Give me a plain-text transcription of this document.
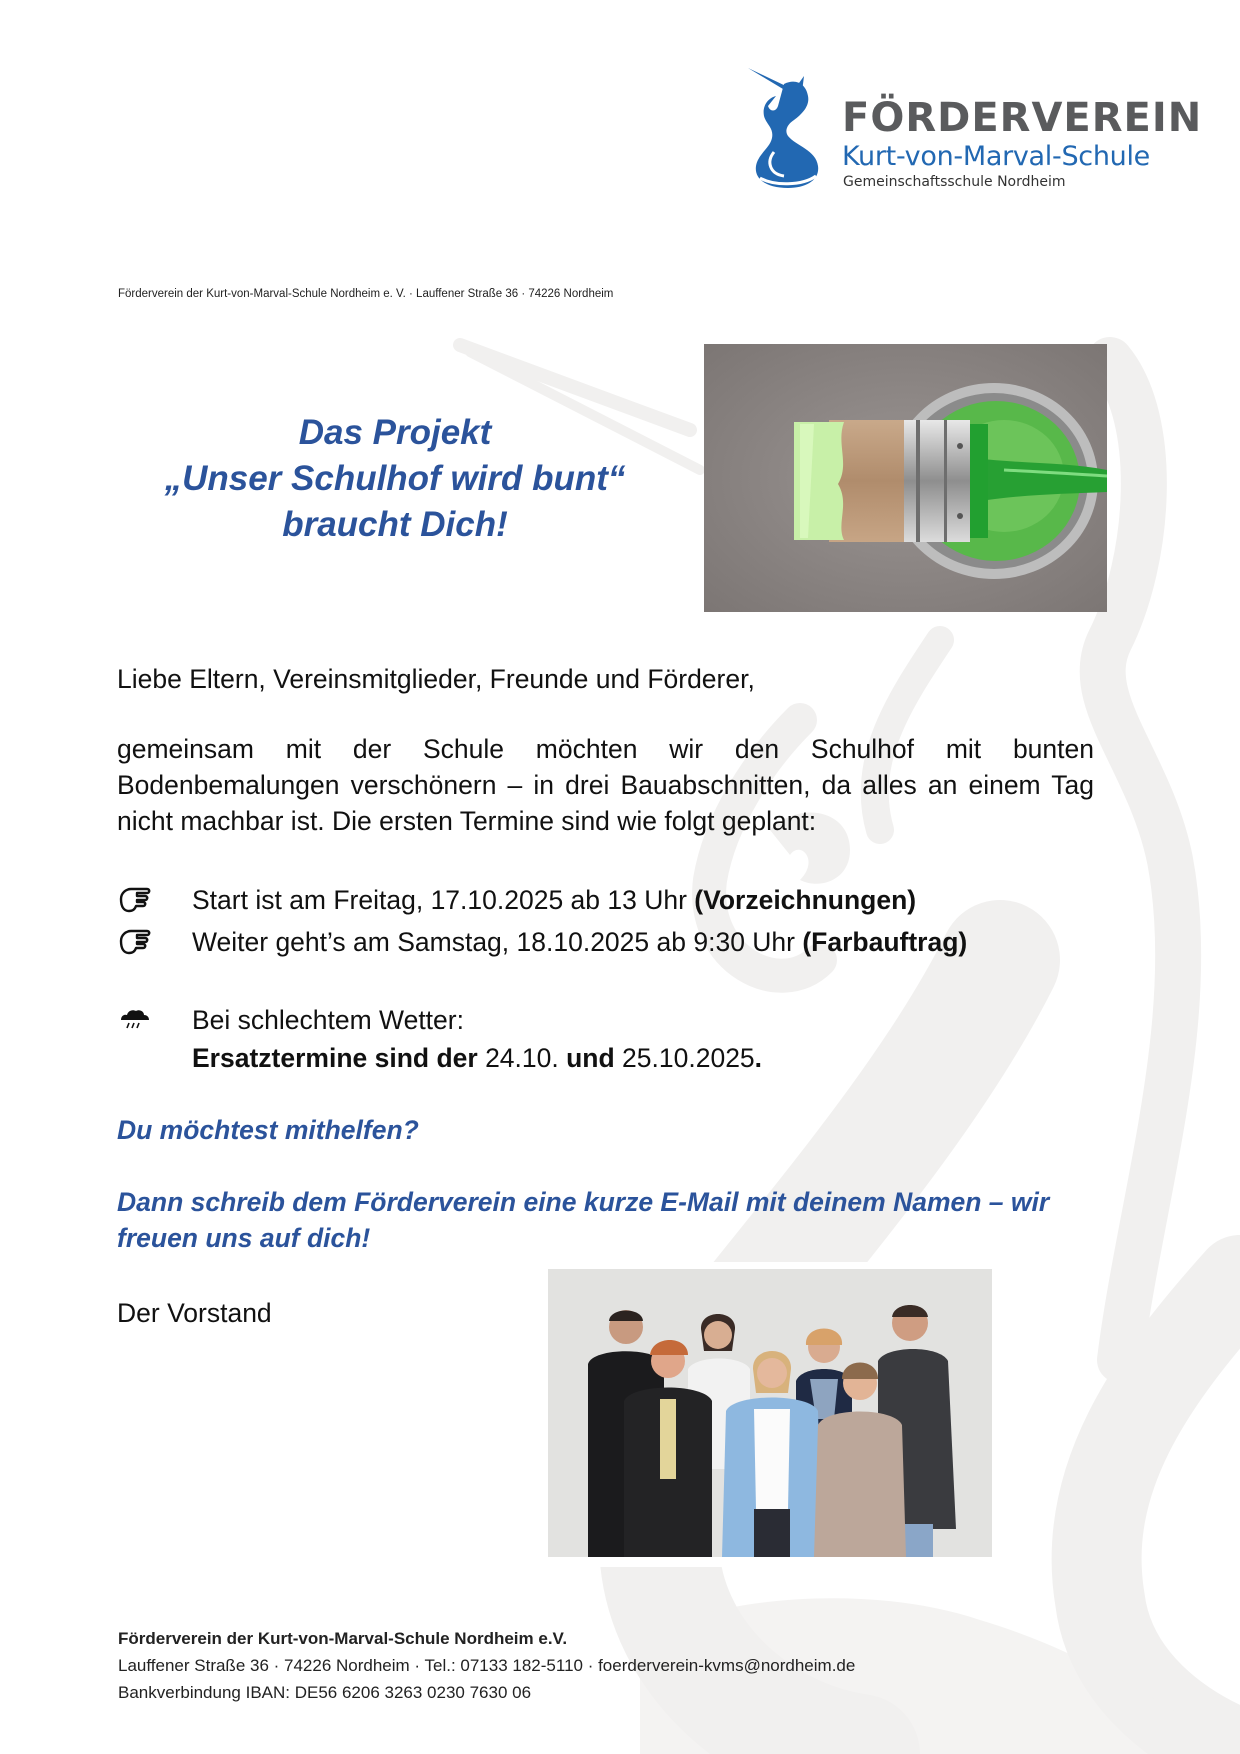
FÖRDERVEREIN
Kurt-von-Marval-Schule
Gemeinschaftsschule Nordheim
Förderverein der Kurt-von-Marval-Schule Nordheim e. V. · Lauffener Straße 36 · 74226 Nordheim
Das Projekt
„Unser Schulhof wird bunt“
braucht Dich!
Liebe Eltern, Vereinsmitglieder, Freunde und Förderer,
gemeinsam mit der Schule möchten wir den Schulhof mit bunten
Bodenbemalungen verschönern – in drei Bauabschnitten, da alles an einem Tag nicht machbar ist. Die ersten Termine sind wie folgt geplant:
Start ist am Freitag, 17.10.2025 ab 13 Uhr (Vorzeichnungen)
Weiter geht’s am Samstag, 18.10.2025 ab 9:30 Uhr (Farbauftrag)
Bei schlechtem Wetter:
Ersatztermine sind der 24.10. und 25.10.2025.
Du möchtest mithelfen?
Dann schreib dem Förderverein eine kurze E-Mail mit deinem Namen – wir freuen uns auf dich!
Der Vorstand
Förderverein der Kurt-von-Marval-Schule Nordheim e.V.
Lauffener Straße 36 · 74226 Nordheim · Tel.: 07133 182-5110 · foerderverein-kvms@nordheim.de
Bankverbindung IBAN: DE56 6206 3263 0230 7630 06
